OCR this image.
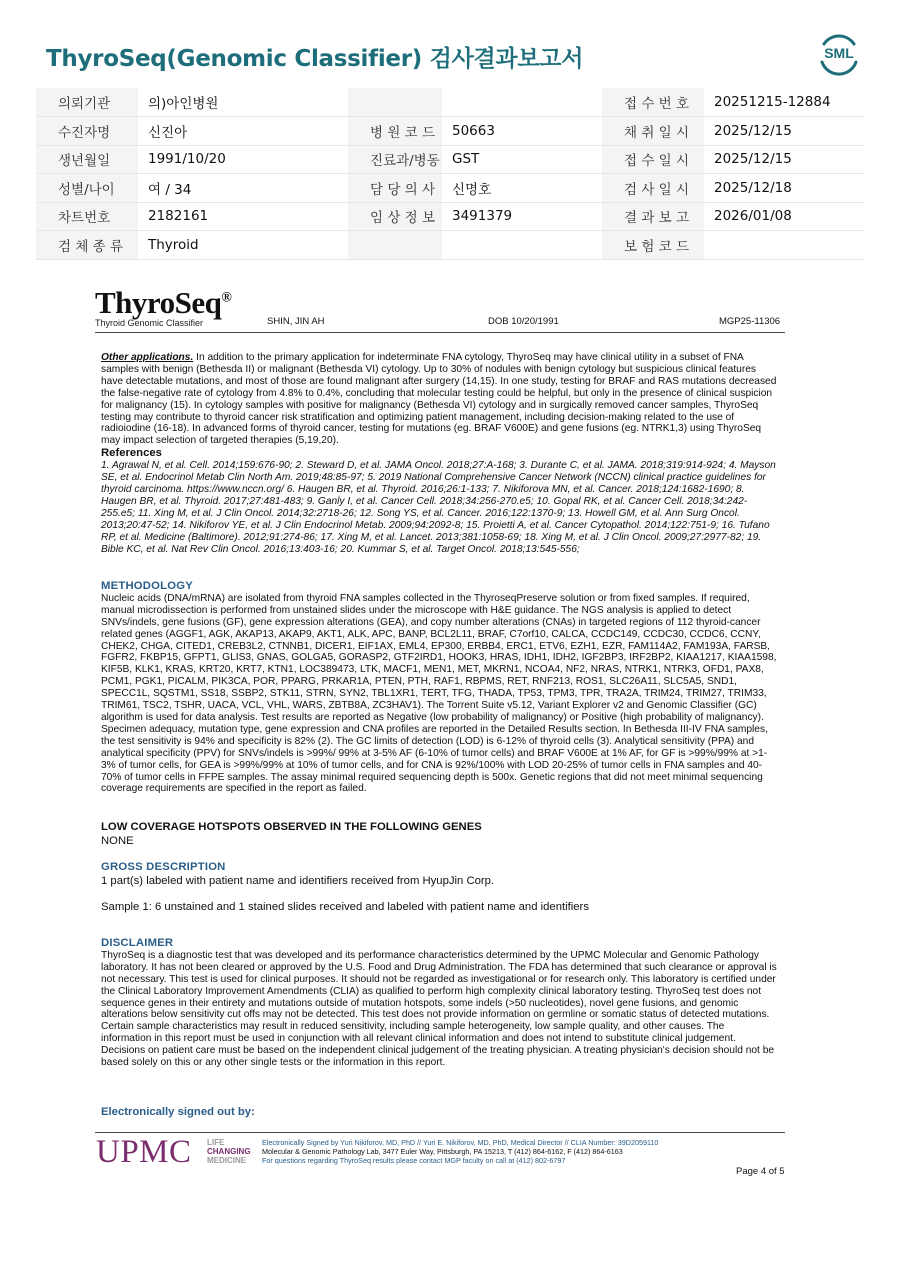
ThyroSeq(Genomic Classifier) 검사결과보고서	SML
의뢰기관	의)아인병원			접 수 번 호	20251215-12884
수진자명	신진아	병 원 코 드	50663	채 취 일 시	2025/12/15
생년월일	1991/10/20	진료과/병동	GST	접 수 일 시	2025/12/15
성별/나이	여 / 34	담 당 의 사	신명호	검 사 일 시	2025/12/18
차트번호	2182161	임 상 정 보	3491379	결 과 보 고	2026/01/08
검 체 종 류	Thyroid			보 험 코 드	
ThyroSeq®
Thyroid Genomic Classifier	SHIN, JIN AH	DOB 10/20/1991	MGP25-11306

Other applications. In addition to the primary application for indeterminate FNA cytology, ThyroSeq may have clinical utility in a subset of FNA samples with benign (Bethesda II) or malignant (Bethesda VI) cytology. Up to 30% of nodules with benign cytology but suspicious clinical features have detectable mutations, and most of those are found malignant after surgery (14,15). In one study, testing for BRAF and RAS mutations decreased the false-negative rate of cytology from 4.8% to 0.4%, concluding that molecular testing could be helpful, but only in the presence of clinical suspicion for malignancy (15). In cytology samples with positive for malignancy (Bethesda VI) cytology and in surgically removed cancer samples, ThyroSeq testing may contribute to thyroid cancer risk stratification and optimizing patient management, including decision-making related to the use of radioiodine (16-18). In advanced forms of thyroid cancer, testing for mutations (eg. BRAF V600E) and gene fusions (eg. NTRK1,3) using ThyroSeq may impact selection of targeted therapies (5,19,20).

References

1. Agrawal N, et al. Cell. 2014;159:676-90; 2. Steward D, et al. JAMA Oncol. 2018;27:A-168; 3. Durante C, et al. JAMA. 2018;319:914-924; 4. Mayson SE, et al. Endocrinol Metab Clin North Am. 2019;48:85-97; 5. 2019 National Comprehensive Cancer Network (NCCN) clinical practice guidelines for thyroid carcinoma. https://www.nccn.org/ 6. Haugen BR, et al. Thyroid. 2016;26:1-133; 7. Nikiforova MN, et al. Cancer. 2018;124:1682-1690; 8. Haugen BR, et al. Thyroid. 2017;27:481-483; 9. Ganly I, et al. Cancer Cell. 2018;34:256-270.e5; 10. Gopal RK, et al. Cancer Cell. 2018;34:242-255.e5; 11. Xing M, et al. J Clin Oncol. 2014;32:2718-26; 12. Song YS, et al. Cancer. 2016;122:1370-9; 13. Howell GM, et al. Ann Surg Oncol. 2013;20:47-52; 14. Nikiforov YE, et al. J Clin Endocrinol Metab. 2009;94:2092-8; 15. Proietti A, et al. Cancer Cytopathol. 2014;122:751-9; 16. Tufano RP, et al. Medicine (Baltimore). 2012;91:274-86; 17. Xing M, et al. Lancet. 2013;381:1058-69; 18. Xing M, et al. J Clin Oncol. 2009;27:2977-82; 19. Bible KC, et al. Nat Rev Clin Oncol. 2016;13:403-16; 20. Kummar S, et al. Target Oncol. 2018;13:545-556;

METHODOLOGY

Nucleic acids (DNA/mRNA) are isolated from thyroid FNA samples collected in the ThyroseqPreserve solution or from fixed samples. If required, manual microdissection is performed from unstained slides under the microscope with H&E guidance. The NGS analysis is applied to detect SNVs/indels, gene fusions (GF), gene expression alterations (GEA), and copy number alterations (CNAs) in targeted regions of 112 thyroid-cancer related genes (AGGF1, AGK, AKAP13, AKAP9, AKT1, ALK, APC, BANP, BCL2L11, BRAF, C7orf10, CALCA, CCDC149, CCDC30, CCDC6, CCNY, CHEK2, CHGA, CITED1, CREB3L2, CTNNB1, DICER1, EIF1AX, EML4, EP300, ERBB4, ERC1, ETV6, EZH1, EZR, FAM114A2, FAM193A, FARSB, FGFR2, FKBP15, GFPT1, GLIS3, GNAS, GOLGA5, GORASP2, GTF2IRD1, HOOK3, HRAS, IDH1, IDH2, IGF2BP3, IRF2BP2, KIAA1217, KIAA1598, KIF5B, KLK1, KRAS, KRT20, KRT7, KTN1, LOC389473, LTK, MACF1, MEN1, MET, MKRN1, NCOA4, NF2, NRAS, NTRK1, NTRK3, OFD1, PAX8, PCM1, PGK1, PICALM, PIK3CA, POR, PPARG, PRKAR1A, PTEN, PTH, RAF1, RBPMS, RET, RNF213, ROS1, SLC26A11, SLC5A5, SND1, SPECC1L, SQSTM1, SS18, SSBP2, STK11, STRN, SYN2, TBL1XR1, TERT, TFG, THADA, TP53, TPM3, TPR, TRA2A, TRIM24, TRIM27, TRIM33, TRIM61, TSC2, TSHR, UACA, VCL, VHL, WARS, ZBTB8A, ZC3HAV1). The Torrent Suite v5.12, Variant Explorer v2 and Genomic Classifier (GC) algorithm is used for data analysis. Test results are reported as Negative (low probability of malignancy) or Positive (high probability of malignancy). Specimen adequacy, mutation type, gene expression and CNA profiles are reported in the Detailed Results section. In Bethesda III-IV FNA samples, the test sensitivity is 94% and specificity is 82% (2). The GC limits of detection (LOD) is 6-12% of thyroid cells (3). Analytical sensitivity (PPA) and analytical specificity (PPV) for SNVs/indels is >99%/ 99% at 3-5% AF (6-10% of tumor cells) and BRAF V600E at 1% AF, for GF is >99%/99% at >1-3% of tumor cells, for GEA is >99%/99% at 10% of tumor cells, and for CNA is 92%/100% with LOD 20-25% of tumor cells in FNA samples and 40-70% of tumor cells in FFPE samples. The assay minimal required sequencing depth is 500x. Genetic regions that did not meet minimal sequencing coverage requirements are specified in the report as failed.

LOW COVERAGE HOTSPOTS OBSERVED IN THE FOLLOWING GENES

NONE

GROSS DESCRIPTION

1 part(s) labeled with patient name and identifiers received from HyupJin Corp.

Sample 1: 6 unstained and 1 stained slides received and labeled with patient name and identifiers

DISCLAIMER

ThyroSeq is a diagnostic test that was developed and its performance characteristics determined by the UPMC Molecular and Genomic Pathology laboratory. It has not been cleared or approved by the U.S. Food and Drug Administration. The FDA has determined that such clearance or approval is not necessary. This test is used for clinical purposes. It should not be regarded as investigational or for research only. This laboratory is certified under the Clinical Laboratory Improvement Amendments (CLIA) as qualified to perform high complexity clinical laboratory testing. ThyroSeq test does not sequence genes in their entirety and mutations outside of mutation hotspots, some indels (>50 nucleotides), novel gene fusions, and genomic alterations below sensitivity cut offs may not be detected. This test does not provide information on germline or somatic status of detected mutations. Certain sample characteristics may result in reduced sensitivity, including sample heterogeneity, low sample quality, and other causes. The information in this report must be used in conjunction with all relevant clinical information and does not intend to substitute clinical judgement. Decisions on patient care must be based on the independent clinical judgement of the treating physician. A treating physician's decision should not be based solely on this or any other single tests or the information in this report.

Electronically signed out by:
UPMC LIFE
CHANGING
MEDICINE
Electronically Signed by Yuri Nikiforov, MD, PhD // Yuri E. Nikiforov, MD, PhD, Medical Director // CLIA Number: 39D2059110
Molecular & Genomic Pathology Lab, 3477 Euler Way, Pittsburgh, PA 15213, T (412) 864-6162, F (412) 864-6163
For questions regarding ThyroSeq results please contact MGP faculty on call at (412) 802-6797
Page 4 of 5
